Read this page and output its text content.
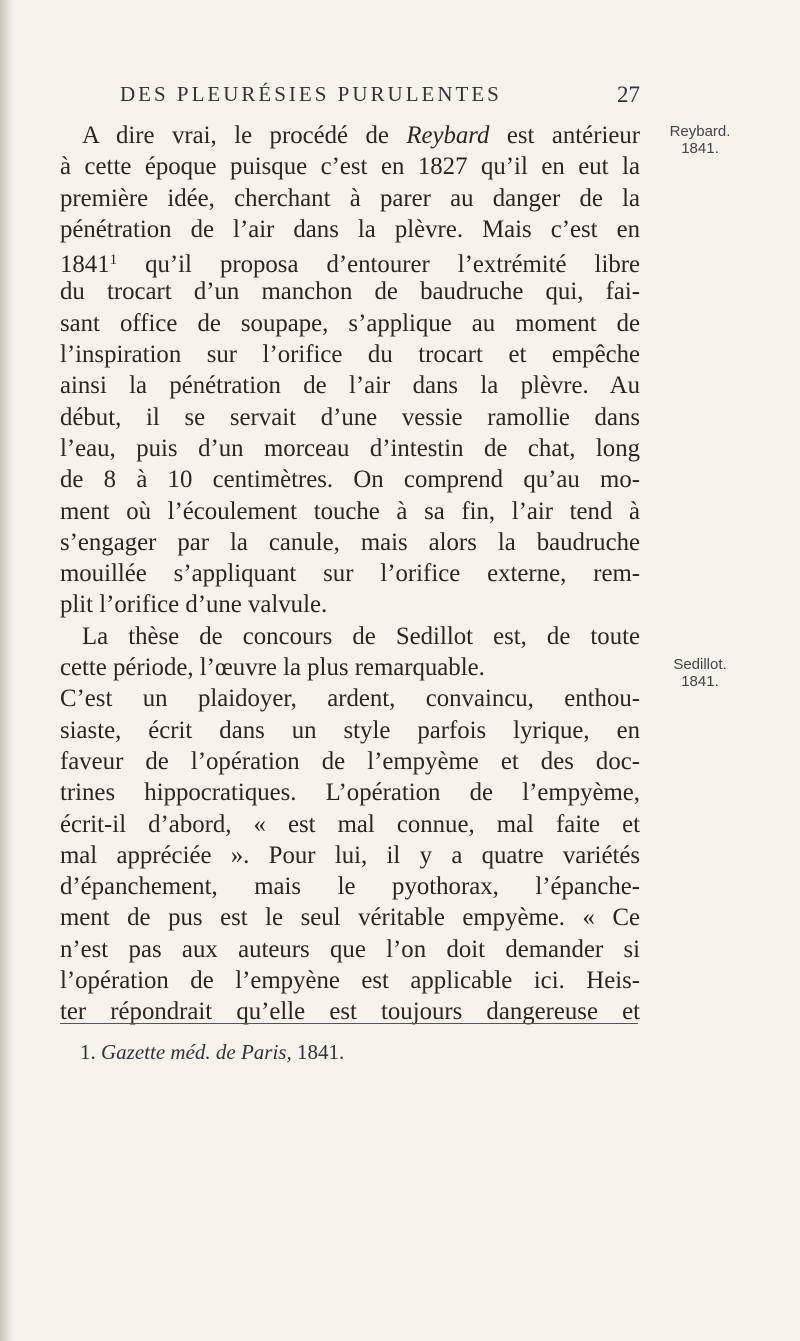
DES PLEURÉSIES PURULENTES	27
Reybard.
1841.
Sedillot.
1841.
A dire vrai, le procédé de Reybard est antérieur
à cette époque puisque c’est en 1827 qu’il en eut la
première idée, cherchant à parer au danger de la
pénétration de l’air dans la plèvre. Mais c’est en
1841$^1$ qu’il proposa d’entourer l’extrémité libre
du trocart d’un manchon de baudruche qui, fai-
sant office de soupape, s’applique au moment de
l’inspiration sur l’orifice du trocart et empêche
ainsi la pénétration de l’air dans la plèvre. Au
début, il se servait d’une vessie ramollie dans
l’eau, puis d’un morceau d’intestin de chat, long
de 8 à 10 centimètres. On comprend qu’au mo-
ment où l’écoulement touche à sa fin, l’air tend à
s’engager par la canule, mais alors la baudruche
mouillée s’appliquant sur l’orifice externe, rem-
plit l’orifice d’une valvule.
La thèse de concours de Sedillot est, de toute
cette période, l’œuvre la plus remarquable.
C’est un plaidoyer, ardent, convaincu, enthou-
siaste, écrit dans un style parfois lyrique, en
faveur de l’opération de l’empyème et des doc-
trines hippocratiques. L’opération de l’empyème,
écrit-il d’abord, « est mal connue, mal faite et
mal appréciée ». Pour lui, il y a quatre variétés
d’épanchement, mais le pyothorax, l’épanche-
ment de pus est le seul véritable empyème. « Ce
n’est pas aux auteurs que l’on doit demander si
l’opération de l’empyène est applicable ici. Heis-
ter répondrait qu’elle est toujours dangereuse et
1. Gazette méd. de Paris, 1841.
